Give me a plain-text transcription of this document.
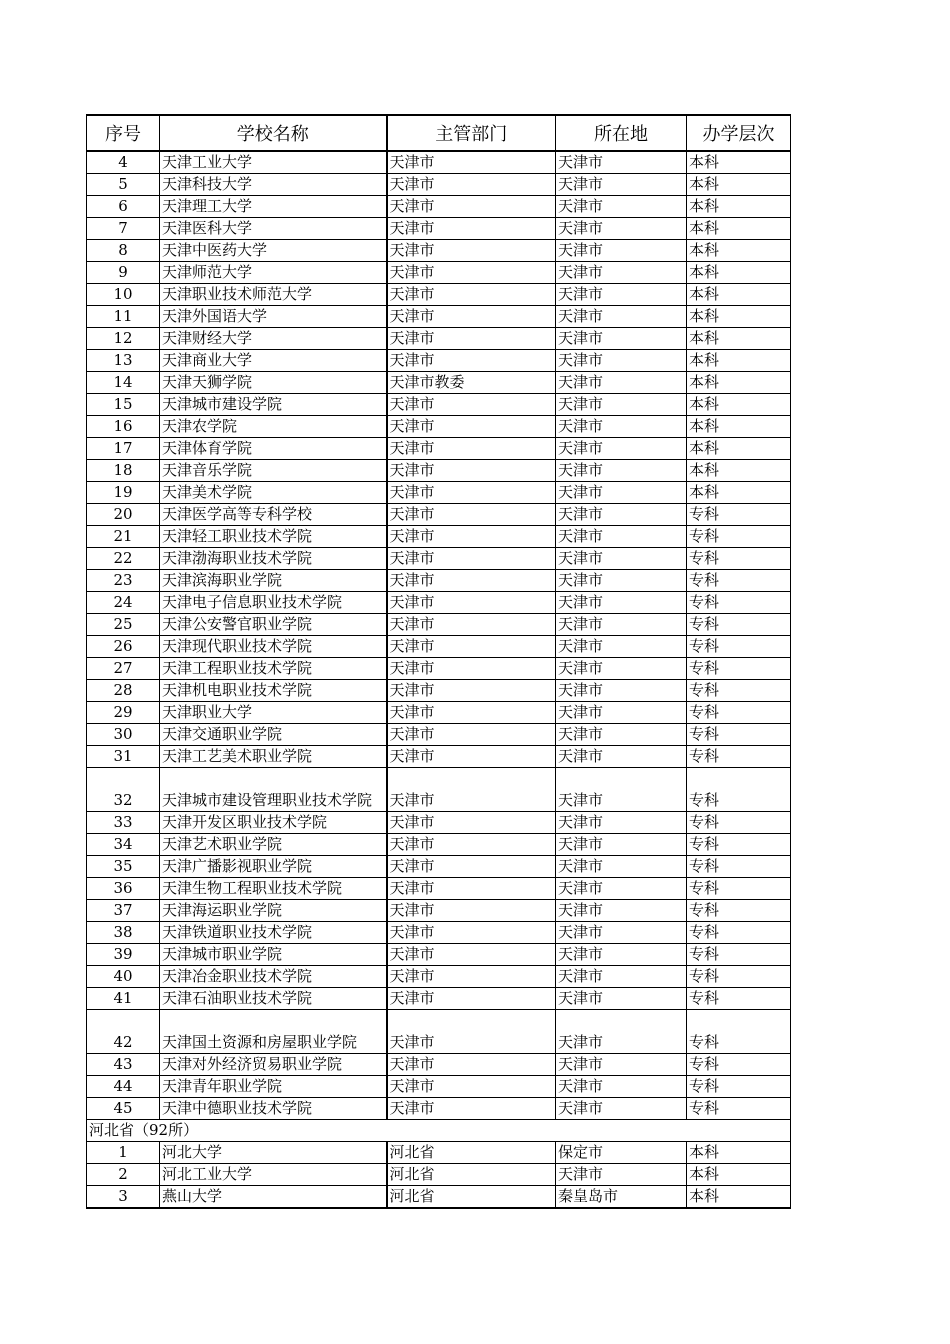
序号	学校名称	主管部门	所在地	办学层次
4	天津工业大学	天津市	天津市	本科
5	天津科技大学	天津市	天津市	本科
6	天津理工大学	天津市	天津市	本科
7	天津医科大学	天津市	天津市	本科
8	天津中医药大学	天津市	天津市	本科
9	天津师范大学	天津市	天津市	本科
10	天津职业技术师范大学	天津市	天津市	本科
11	天津外国语大学	天津市	天津市	本科
12	天津财经大学	天津市	天津市	本科
13	天津商业大学	天津市	天津市	本科
14	天津天狮学院	天津市教委	天津市	本科
15	天津城市建设学院	天津市	天津市	本科
16	天津农学院	天津市	天津市	本科
17	天津体育学院	天津市	天津市	本科
18	天津音乐学院	天津市	天津市	本科
19	天津美术学院	天津市	天津市	本科
20	天津医学高等专科学校	天津市	天津市	专科
21	天津轻工职业技术学院	天津市	天津市	专科
22	天津渤海职业技术学院	天津市	天津市	专科
23	天津滨海职业学院	天津市	天津市	专科
24	天津电子信息职业技术学院	天津市	天津市	专科
25	天津公安警官职业学院	天津市	天津市	专科
26	天津现代职业技术学院	天津市	天津市	专科
27	天津工程职业技术学院	天津市	天津市	专科
28	天津机电职业技术学院	天津市	天津市	专科
29	天津职业大学	天津市	天津市	专科
30	天津交通职业学院	天津市	天津市	专科
31	天津工艺美术职业学院	天津市	天津市	专科
32	天津城市建设管理职业技术学院	天津市	天津市	专科
33	天津开发区职业技术学院	天津市	天津市	专科
34	天津艺术职业学院	天津市	天津市	专科
35	天津广播影视职业学院	天津市	天津市	专科
36	天津生物工程职业技术学院	天津市	天津市	专科
37	天津海运职业学院	天津市	天津市	专科
38	天津铁道职业技术学院	天津市	天津市	专科
39	天津城市职业学院	天津市	天津市	专科
40	天津冶金职业技术学院	天津市	天津市	专科
41	天津石油职业技术学院	天津市	天津市	专科
42	天津国土资源和房屋职业学院	天津市	天津市	专科
43	天津对外经济贸易职业学院	天津市	天津市	专科
44	天津青年职业学院	天津市	天津市	专科
45	天津中德职业技术学院	天津市	天津市	专科
河北省（92所）				
1	河北大学	河北省	保定市	本科
2	河北工业大学	河北省	天津市	本科
3	燕山大学	河北省	秦皇岛市	本科
